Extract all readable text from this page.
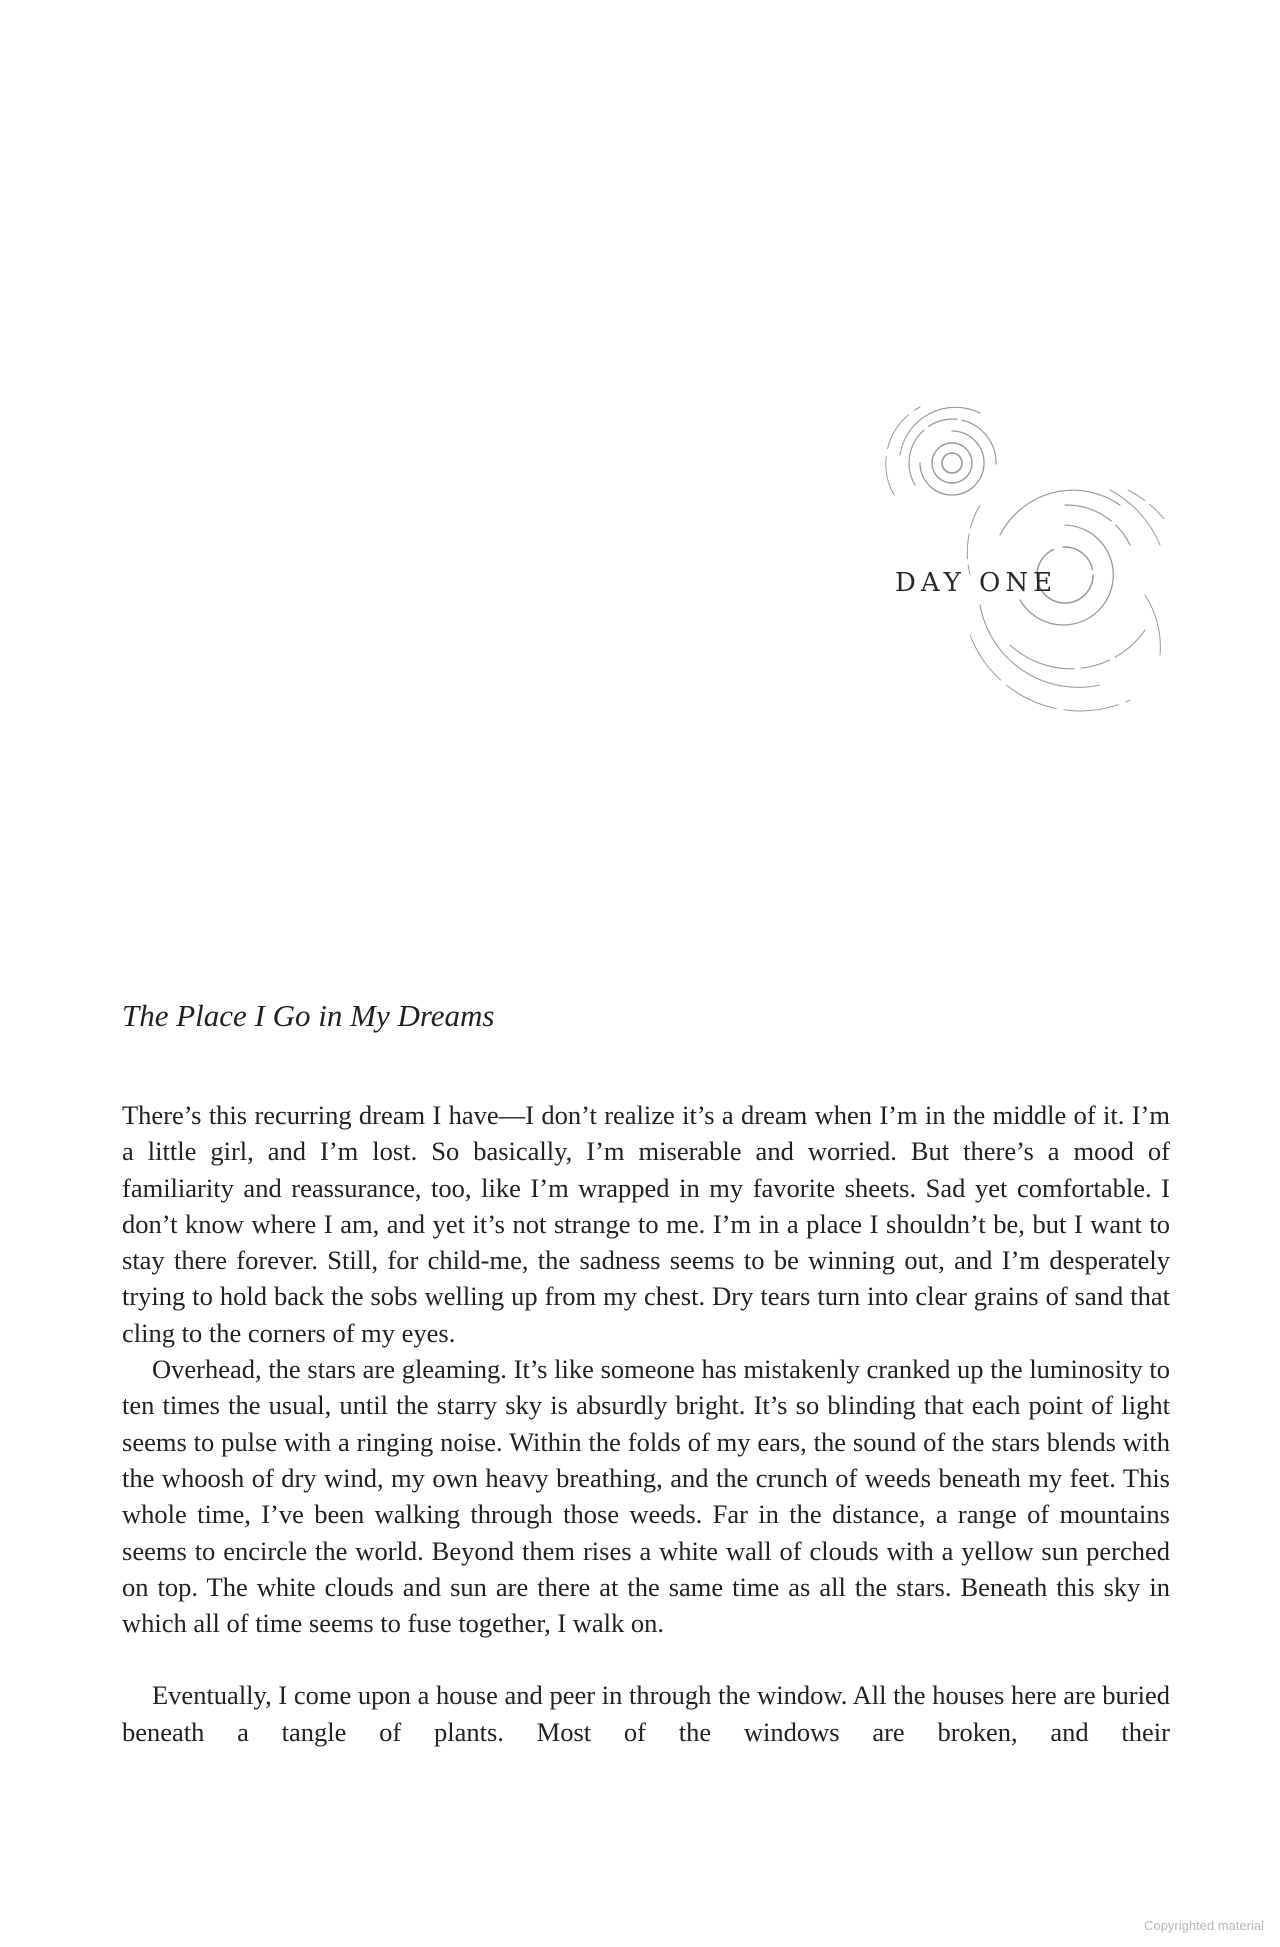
DAY ONE
The Place I Go in My Dreams

There’s this recurring dream I have—I don’t realize it’s a dream when I’m in the middle of it. I’m a little girl, and I’m lost. So basically, I’m miserable and worried. But there’s a mood of familiarity and reassurance, too, like I’m wrapped in my favorite sheets. Sad yet comfortable. I don’t know where I am, and yet it’s not strange to me. I’m in a place I shouldn’t be, but I want to stay there forever. Still, for child-me, the sadness seems to be winning out, and I’m desperately trying to hold back the sobs welling up from my chest. Dry tears turn into clear grains of sand that cling to the corners of my eyes.

Overhead, the stars are gleaming. It’s like someone has mistakenly cranked up the luminosity to ten times the usual, until the starry sky is absurdly bright. It’s so blinding that each point of light seems to pulse with a ringing noise. Within the folds of my ears, the sound of the stars blends with the whoosh of dry wind, my own heavy breathing, and the crunch of weeds beneath my feet. This whole time, I’ve been walking through those weeds. Far in the distance, a range of mountains seems to encircle the world. Beyond them rises a white wall of clouds with a yellow sun perched on top. The white clouds and sun are there at the same time as all the stars. Beneath this sky in which all of time seems to fuse together, I walk on.

Eventually, I come upon a house and peer in through the window. All the houses here are buried beneath a tangle of plants. Most of the windows are broken, and their

Copyrighted material
